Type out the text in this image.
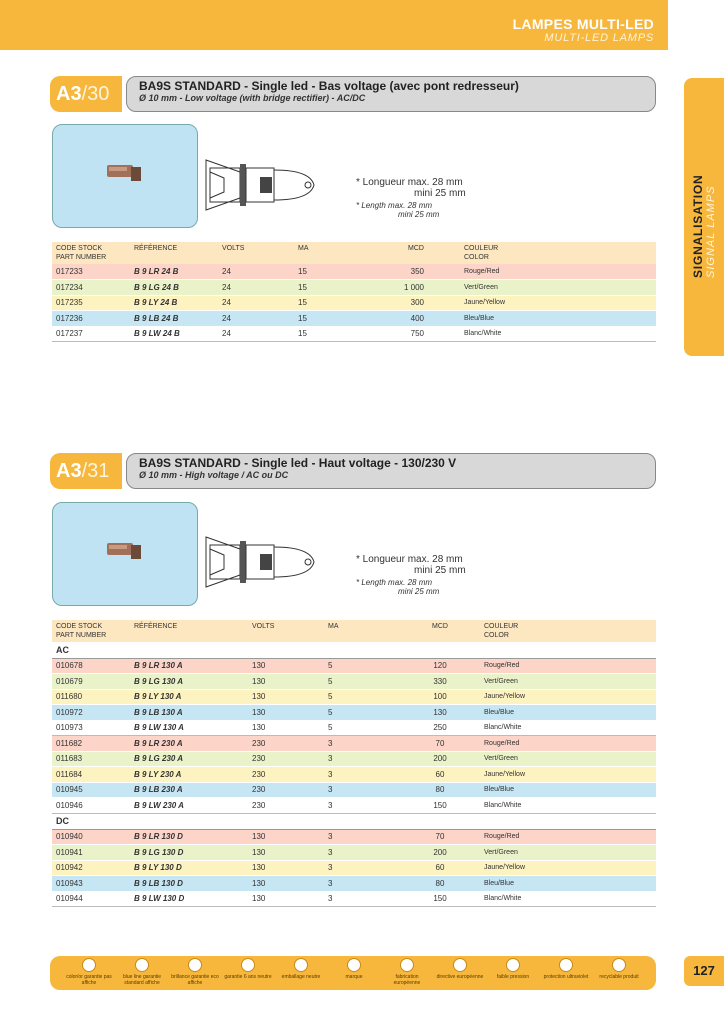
LAMPES MULTI-LED
MULTI-LED LAMPS
SIGNALISATION SIGNAL LAMPS
A3/30	BA9S STANDARD - Single led - Bas voltage (avec pont redresseur)
Ø 10 mm - Low voltage (with bridge rectifier) - AC/DC
* Longueur max. 28 mm
mini 25 mm
* Length max. 28 mm
mini 25 mm
CODE STOCK
PART NUMBER	RÉFÉRENCE	VOLTS	MA	MCD	COULEUR
COLOR
017233	B 9 LR 24 B	24	15	350	Rouge/Red
017234	B 9 LG 24 B	24	15	1 000	Vert/Green
017235	B 9 LY 24 B	24	15	300	Jaune/Yellow
017236	B 9 LB 24 B	24	15	400	Bleu/Blue
017237	B 9 LW 24 B	24	15	750	Blanc/White
A3/31	BA9S STANDARD - Single led - Haut voltage - 130/230 V
Ø 10 mm - High voltage / AC ou DC
* Longueur max. 28 mm
mini 25 mm
* Length max. 28 mm
mini 25 mm
CODE STOCK
PART NUMBER	RÉFÉRENCE	VOLTS	MA	MCD	COULEUR
COLOR
AC					
010678	B 9 LR 130 A	130	5	120	Rouge/Red
010679	B 9 LG 130 A	130	5	330	Vert/Green
011680	B 9 LY 130 A	130	5	100	Jaune/Yellow
010972	B 9 LB 130 A	130	5	130	Bleu/Blue
010973	B 9 LW 130 A	130	5	250	Blanc/White
011682	B 9 LR 230 A	230	3	70	Rouge/Red
011683	B 9 LG 230 A	230	3	200	Vert/Green
011684	B 9 LY 230 A	230	3	60	Jaune/Yellow
010945	B 9 LB 230 A	230	3	80	Bleu/Blue
010946	B 9 LW 230 A	230	3	150	Blanc/White
DC					
010940	B 9 LR 130 D	130	3	70	Rouge/Red
010941	B 9 LG 130 D	130	3	200	Vert/Green
010942	B 9 LY 130 D	130	3	60	Jaune/Yellow
010943	B 9 LB 130 D	130	3	80	Bleu/Blue
010944	B 9 LW 130 D	130	3	150	Blanc/White
color/or garantie pas affiche
blue line garantie standard affiche
brillance garantie eco affiche
garantie 6 ans neutre	emballage neutre	marque	fabrication européenne
directive européenne	faible pression	protection ultraviolet	recyclable produit	127
